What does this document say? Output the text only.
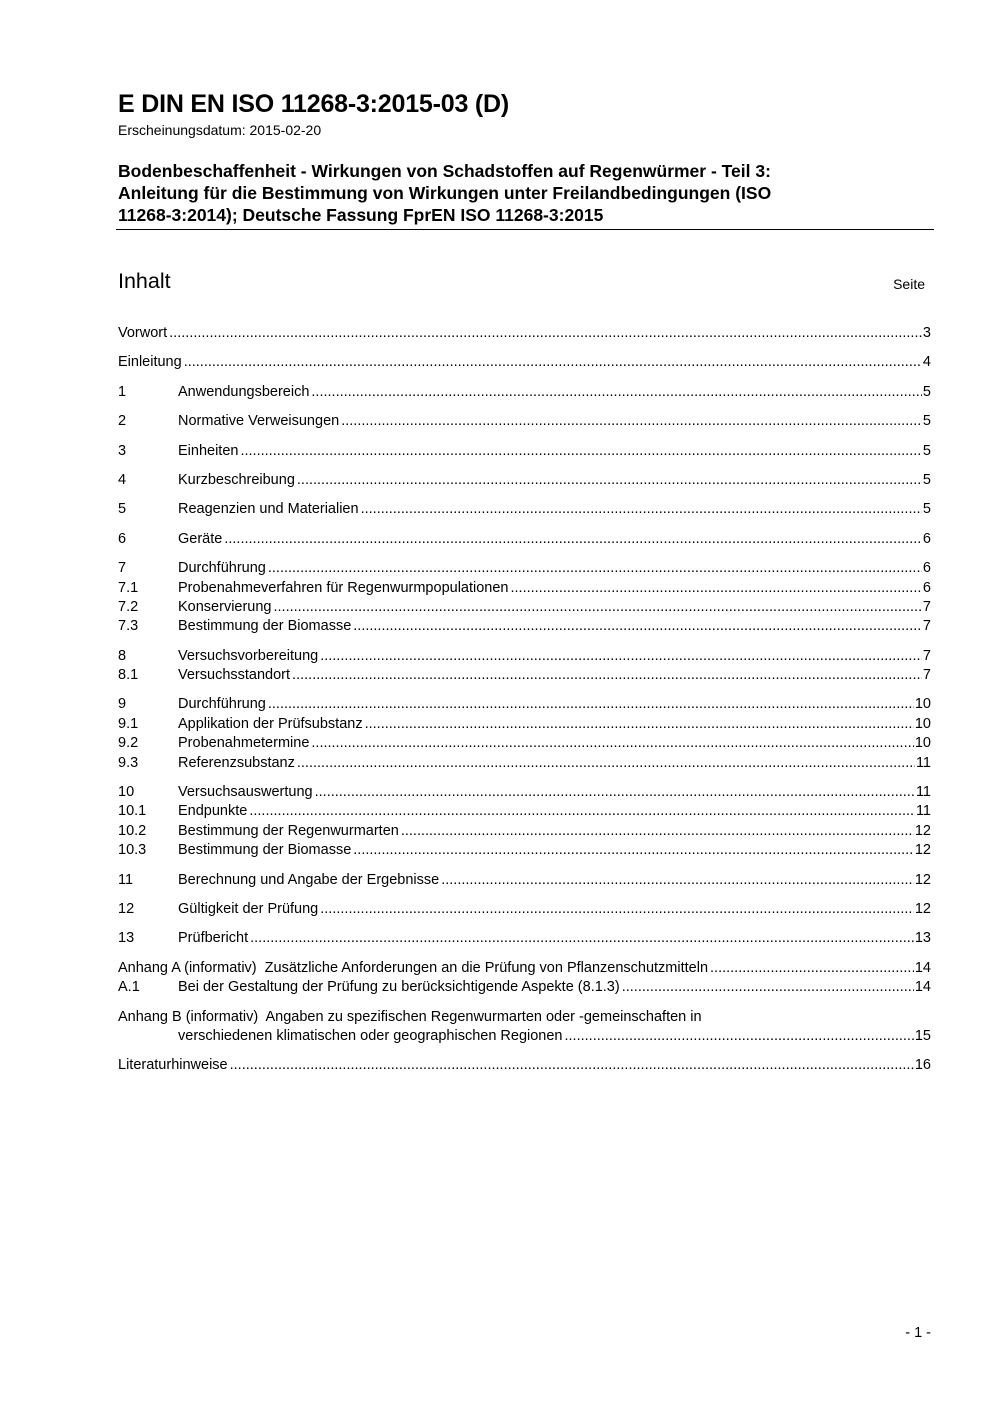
E DIN EN ISO 11268-3:2015-03 (D)
Erscheinungsdatum: 2015-02-20
Bodenbeschaffenheit - Wirkungen von Schadstoffen auf Regenwürmer - Teil 3:
Anleitung für die Bestimmung von Wirkungen unter Freilandbedingungen (ISO
11268-3:2014); Deutsche Fassung FprEN ISO 11268-3:2015
Inhalt	Seite
Vorwort .....	3
Einleitung .....	4
1	Anwendungsbereich .....	5
2	Normative Verweisungen .....	5
3	Einheiten .....	5
4	Kurzbeschreibung .....	5
5	Reagenzien und Materialien .....	5
6	Geräte .....	6
7	Durchführung .....	6
7.1	Probenahmeverfahren für Regenwurmpopulationen .....	6
7.2	Konservierung .....	7
7.3	Bestimmung der Biomasse .....	7
8	Versuchsvorbereitung .....	7
8.1	Versuchsstandort .....	7
9	Durchführung .....	10
9.1	Applikation der Prüfsubstanz .....	10
9.2	Probenahmetermine .....	10
9.3	Referenzsubstanz .....	11
10	Versuchsauswertung .....	11
10.1	Endpunkte .....	11
10.2	Bestimmung der Regenwurmarten .....	12
10.3	Bestimmung der Biomasse .....	12
11	Berechnung und Angabe der Ergebnisse .....	12
12	Gültigkeit der Prüfung .....	12
13	Prüfbericht .....	13
Anhang A (informativ)  Zusätzliche Anforderungen an die Prüfung von Pflanzenschutzmitteln .....	14
A.1	Bei der Gestaltung der Prüfung zu berücksichtigende Aspekte (8.1.3) .....	14
Anhang B (informativ)  Angaben zu spezifischen Regenwurmarten oder -gemeinschaften in
verschiedenen klimatischen oder geographischen Regionen .....	15
Literaturhinweise .....	16
- 1 -
